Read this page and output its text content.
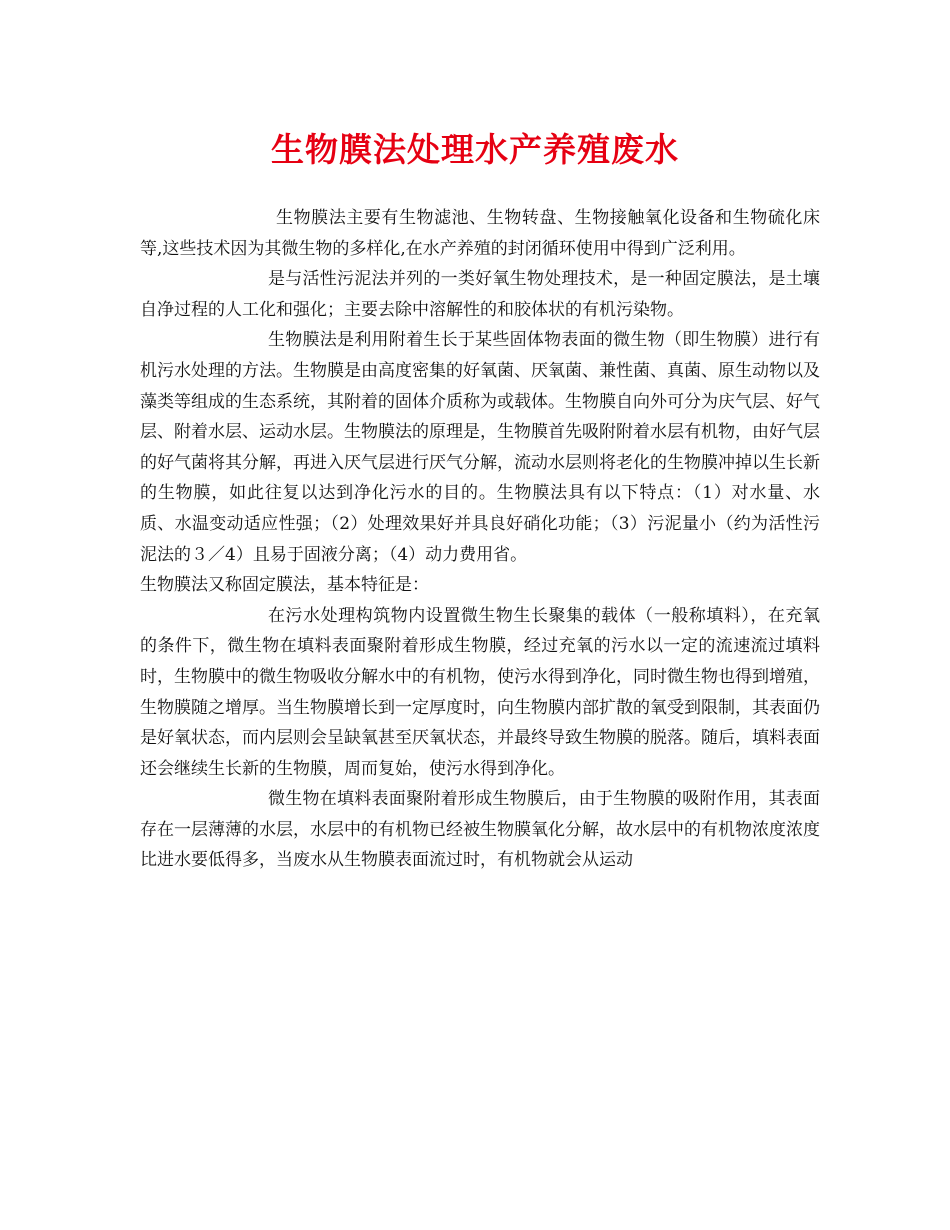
生物膜法处理水产养殖废水

生物膜法主要有生物滤池、生物转盘、生物接触氧化设备和生物硫化床等,这些技术因为其微生物的多样化,在水产养殖的封闭循环使用中得到广泛利用。

是与活性污泥法并列的一类好氧生物处理技术，是一种固定膜法，是土壤自净过程的人工化和强化；主要去除中溶解性的和胶体状的有机污染物。

生物膜法是利用附着生长于某些固体物表面的微生物（即生物膜）进行有机污水处理的方法。生物膜是由高度密集的好氧菌、厌氧菌、兼性菌、真菌、原生动物以及藻类等组成的生态系统，其附着的固体介质称为或载体。生物膜自向外可分为庆气层、好气层、附着水层、运动水层。生物膜法的原理是，生物膜首先吸附附着水层有机物，由好气层的好气菌将其分解，再进入厌气层进行厌气分解，流动水层则将老化的生物膜冲掉以生长新的生物膜，如此往复以达到净化污水的目的。生物膜法具有以下特点：（1）对水量、水质、水温变动适应性强；（2）处理效果好并具良好硝化功能；（3）污泥量小（约为活性污泥法的３／4）且易于固液分离；（4）动力费用省。

生物膜法又称固定膜法，基本特征是：

在污水处理构筑物内设置微生物生长聚集的载体（一般称填料），在充氧的条件下，微生物在填料表面聚附着形成生物膜，经过充氧的污水以一定的流速流过填料时，生物膜中的微生物吸收分解水中的有机物，使污水得到净化，同时微生物也得到增殖，生物膜随之增厚。当生物膜增长到一定厚度时，向生物膜内部扩散的氧受到限制，其表面仍是好氧状态，而内层则会呈缺氧甚至厌氧状态，并最终导致生物膜的脱落。随后，填料表面还会继续生长新的生物膜，周而复始，使污水得到净化。

微生物在填料表面聚附着形成生物膜后，由于生物膜的吸附作用，其表面存在一层薄薄的水层，水层中的有机物已经被生物膜氧化分解，故水层中的有机物浓度浓度比进水要低得多，当废水从生物膜表面流过时，有机物就会从运动
